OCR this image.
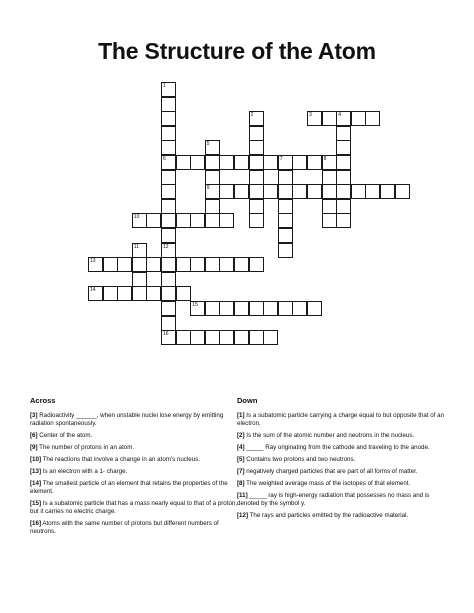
The Structure of the Atom
3	4
6	7	8
9
10
13
14
15
16
1
12
2
5
11
Across
[3] Radioactivity ______, when unstable nuclei lose energy by emitting radiation spontaneously.
[6] Center of the atom.
[9] The number of protons in an atom.
[10] The reactions that involve a change in an atom's nucleus.
[13] Is an electron with a 1- charge.
[14] The smallest particle of an element that retains the properties of the element.
[15] Is a subatomic particle that has a mass nearly equal to that of a proton, but it carries no electric charge.
[16] Atoms with the same number of protons but different numbers of neutrons.
Down
[1] Is a subatomic particle carrying a charge equal to but opposite that of an electron.
[2] Is the sum of the atomic number and neutrons in the nucleus.
[4] _____ Ray originating from the cathode and traveling to the anode.
[5] Contains two protons and two neutrons.
[7] negatively charged particles that are part of all forms of matter.
[8] The weighted average mass of the isotopes of that element.
[11] _____ ray is high-energy radiation that possesses no mass and is denoted by the symbol y.
[12] The rays and particles emitted by the radioactive material.
